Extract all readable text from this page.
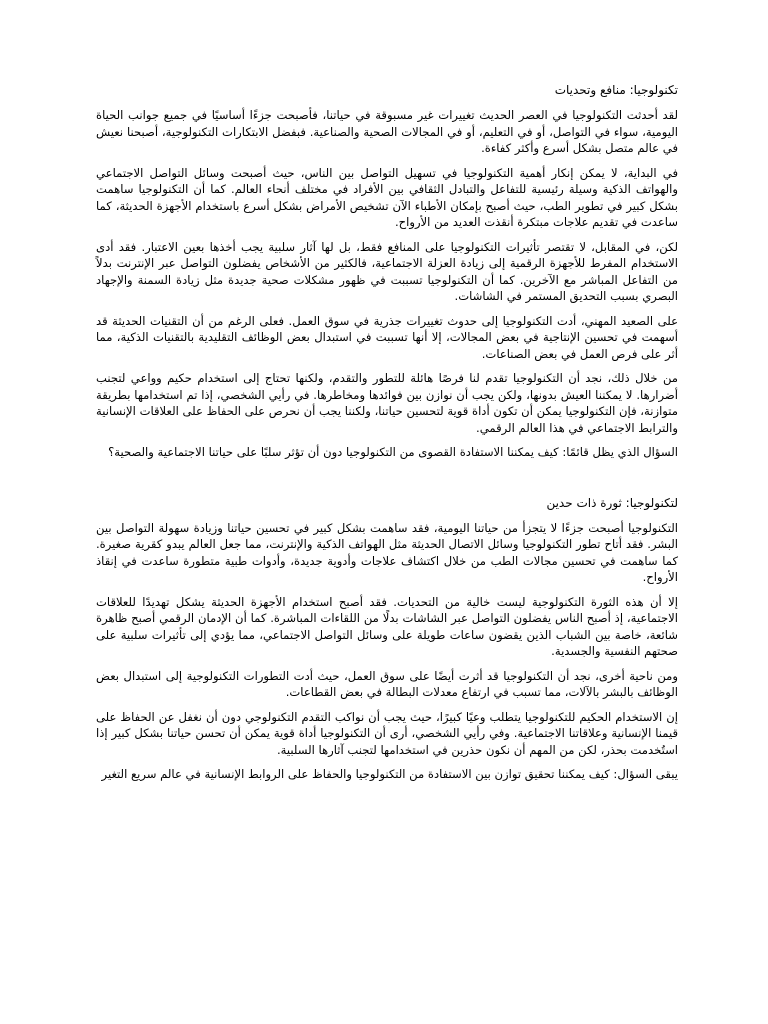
تكنولوجيا: منافع وتحديات

لقد أحدثت التكنولوجيا في العصر الحديث تغييرات غير مسبوقة في حياتنا، فأصبحت جزءًا أساسيًا في جميع جوانب الحياة اليومية، سواء في التواصل، أو في التعليم، أو في المجالات الصحية والصناعية. فبفضل الابتكارات التكنولوجية، أصبحنا نعيش في عالم متصل بشكل أسرع وأكثر كفاءة.

في البداية، لا يمكن إنكار أهمية التكنولوجيا في تسهيل التواصل بين الناس، حيث أصبحت وسائل التواصل الاجتماعي والهواتف الذكية وسيلة رئيسية للتفاعل والتبادل الثقافي بين الأفراد في مختلف أنحاء العالم. كما أن التكنولوجيا ساهمت بشكل كبير في تطوير الطب، حيث أصبح بإمكان الأطباء الآن تشخيص الأمراض بشكل أسرع باستخدام الأجهزة الحديثة، كما ساعدت في تقديم علاجات مبتكرة أنقذت العديد من الأرواح.

لكن، في المقابل، لا تقتصر تأثيرات التكنولوجيا على المنافع فقط، بل لها آثار سلبية يجب أخذها بعين الاعتبار. فقد أدى الاستخدام المفرط للأجهزة الرقمية إلى زيادة العزلة الاجتماعية، فالكثير من الأشخاص يفضلون التواصل عبر الإنترنت بدلاً من التفاعل المباشر مع الآخرين. كما أن التكنولوجيا تسببت في ظهور مشكلات صحية جديدة مثل زيادة السمنة والإجهاد البصري بسبب التحديق المستمر في الشاشات.

على الصعيد المهني، أدت التكنولوجيا إلى حدوث تغييرات جذرية في سوق العمل. فعلى الرغم من أن التقنيات الحديثة قد أسهمت في تحسين الإنتاجية في بعض المجالات، إلا أنها تسببت في استبدال بعض الوظائف التقليدية بالتقنيات الذكية، مما أثر على فرص العمل في بعض الصناعات.

من خلال ذلك، نجد أن التكنولوجيا تقدم لنا فرصًا هائلة للتطور والتقدم، ولكنها تحتاج إلى استخدام حكيم وواعي لتجنب أضرارها. لا يمكننا العيش بدونها، ولكن يجب أن نوازن بين فوائدها ومخاطرها. في رأيي الشخصي، إذا تم استخدامها بطريقة متوازنة، فإن التكنولوجيا يمكن أن تكون أداة قوية لتحسين حياتنا، ولكننا يجب أن نحرص على الحفاظ على العلاقات الإنسانية والترابط الاجتماعي في هذا العالم الرقمي.

السؤال الذي يظل قائمًا: كيف يمكننا الاستفادة القصوى من التكنولوجيا دون أن تؤثر سلبًا على حياتنا الاجتماعية والصحية؟

لتكنولوجيا: ثورة ذات حدين

التكنولوجيا أصبحت جزءًا لا يتجزأ من حياتنا اليومية، فقد ساهمت بشكل كبير في تحسين حياتنا وزيادة سهولة التواصل بين البشر. فقد أتاح تطور التكنولوجيا وسائل الاتصال الحديثة مثل الهواتف الذكية والإنترنت، مما جعل العالم يبدو كقرية صغيرة. كما ساهمت في تحسين مجالات الطب من خلال اكتشاف علاجات وأدوية جديدة، وأدوات طبية متطورة ساعدت في إنقاذ الأرواح.

إلا أن هذه الثورة التكنولوجية ليست خالية من التحديات. فقد أصبح استخدام الأجهزة الحديثة يشكل تهديدًا للعلاقات الاجتماعية، إذ أصبح الناس يفضلون التواصل عبر الشاشات بدلًا من اللقاءات المباشرة. كما أن الإدمان الرقمي أصبح ظاهرة شائعة، خاصة بين الشباب الذين يقضون ساعات طويلة على وسائل التواصل الاجتماعي، مما يؤدي إلى تأثيرات سلبية على صحتهم النفسية والجسدية.

ومن ناحية أخرى، نجد أن التكنولوجيا قد أثرت أيضًا على سوق العمل، حيث أدت التطورات التكنولوجية إلى استبدال بعض الوظائف بالبشر بالآلات، مما تسبب في ارتفاع معدلات البطالة في بعض القطاعات.

إن الاستخدام الحكيم للتكنولوجيا يتطلب وعيًا كبيرًا، حيث يجب أن نواكب التقدم التكنولوجي دون أن نغفل عن الحفاظ على قيمنا الإنسانية وعلاقاتنا الاجتماعية. وفي رأيي الشخصي، أرى أن التكنولوجيا أداة قوية يمكن أن تحسن حياتنا بشكل كبير إذا استُخدمت بحذر، لكن من المهم أن نكون حذرين في استخدامها لتجنب آثارها السلبية.

يبقى السؤال: كيف يمكننا تحقيق توازن بين الاستفادة من التكنولوجيا والحفاظ على الروابط الإنسانية في عالم سريع التغير
